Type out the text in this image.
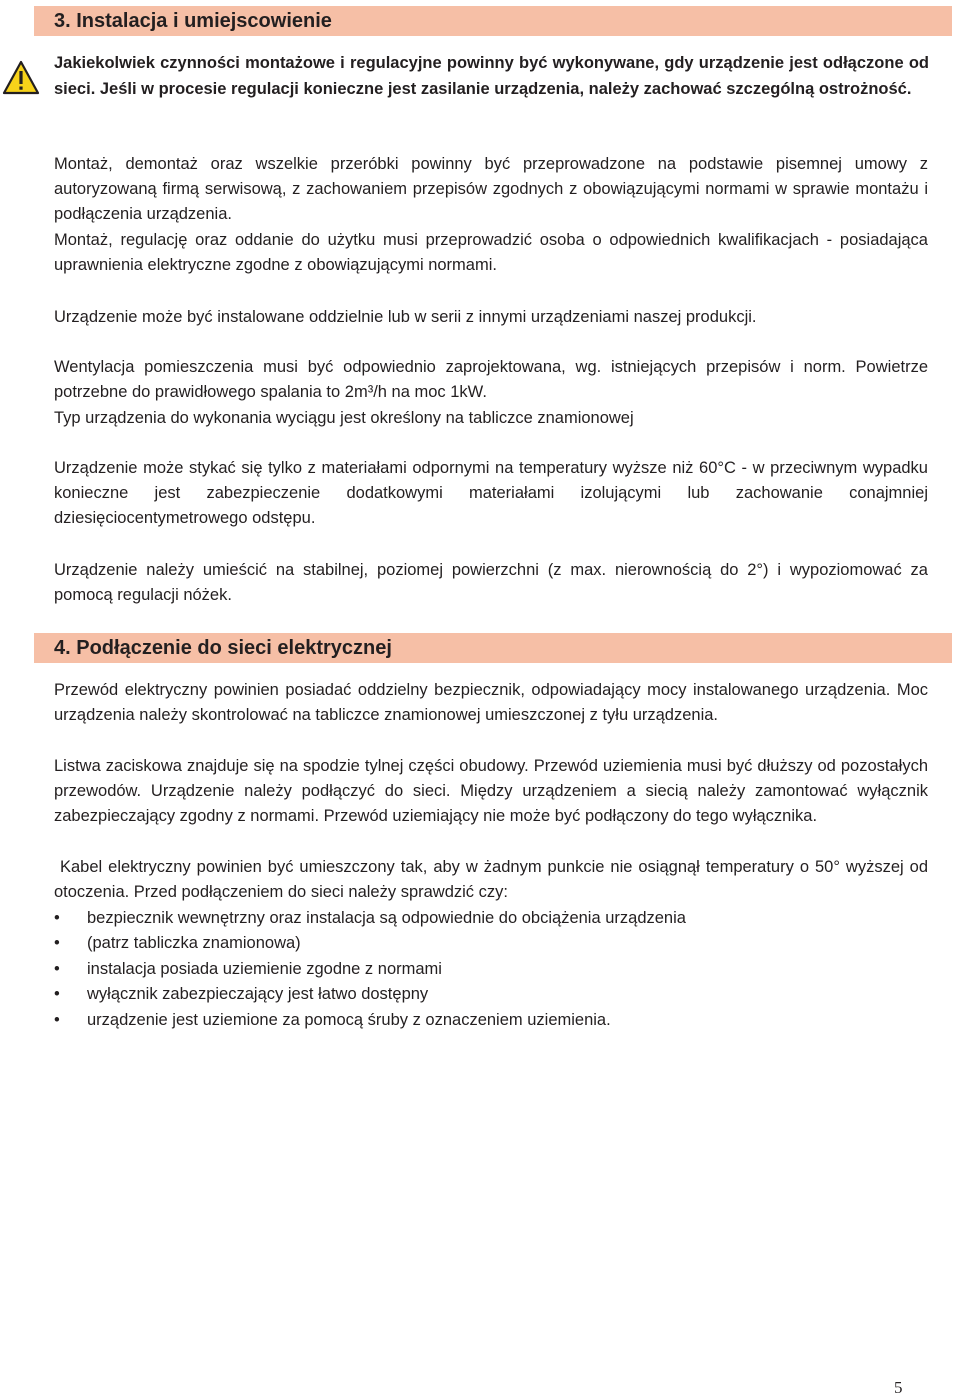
3. Instalacja i umiejscowienie
Jakiekolwiek czynności montażowe i regulacyjne powinny być wykonywane, gdy urządzenie jest odłączone od sieci. Jeśli w procesie regulacji konieczne jest zasilanie urządzenia, należy zachować szczególną ostrożność.
Montaż, demontaż oraz wszelkie przeróbki powinny być przeprowadzone na podstawie pisemnej umowy z autoryzowaną firmą serwisową, z zachowaniem przepisów zgodnych z obowiązującymi normami w sprawie montażu i podłączenia urządzenia.
Montaż, regulację oraz oddanie do użytku musi przeprowadzić osoba o odpowiednich kwalifikacjach - posiadająca uprawnienia elektryczne zgodne z obowiązującymi normami.
Urządzenie może być instalowane oddzielnie lub w serii z innymi urządzeniami naszej produkcji.
Wentylacja pomieszczenia musi być odpowiednio zaprojektowana, wg. istniejących przepisów i norm. Powietrze potrzebne do prawidłowego spalania to 2m³/h na moc 1kW.
Typ urządzenia do wykonania wyciągu jest określony na tabliczce znamionowej
Urządzenie może stykać się tylko z materiałami odpornymi na temperatury wyższe niż 60°C - w przeciwnym wypadku konieczne jest zabezpieczenie dodatkowymi materiałami izolującymi lub zachowanie conajmniej dziesięciocentymetrowego odstępu.
Urządzenie należy umieścić na stabilnej, poziomej powierzchni (z max. nierownością do 2°) i wypoziomować za pomocą regulacji nóżek.
4. Podłączenie do sieci elektrycznej
Przewód elektryczny powinien posiadać oddzielny bezpiecznik, odpowiadający mocy instalowanego urządzenia. Moc urządzenia należy skontrolować na tabliczce znamionowej umieszczonej z tyłu urządzenia.
Listwa zaciskowa znajduje się na spodzie tylnej części obudowy. Przewód uziemienia musi być dłuższy od pozostałych przewodów. Urządzenie należy podłączyć do sieci. Między urządzeniem a siecią należy zamontować wyłącznik zabezpieczający zgodny z normami. Przewód uziemiający nie może być podłączony do tego wyłącznika.
Kabel elektryczny powinien być umieszczony tak, aby w żadnym punkcie nie osiągnął temperatury o 50° wyższej od otoczenia. Przed podłączeniem do sieci należy sprawdzić czy:
• bezpiecznik wewnętrzny oraz instalacja są odpowiednie do obciążenia urządzenia
• (patrz tabliczka znamionowa)
• instalacja posiada uziemienie zgodne z normami
• wyłącznik zabezpieczający jest łatwo dostępny
• urządzenie jest uziemione za pomocą śruby z oznaczeniem uziemienia.
5
